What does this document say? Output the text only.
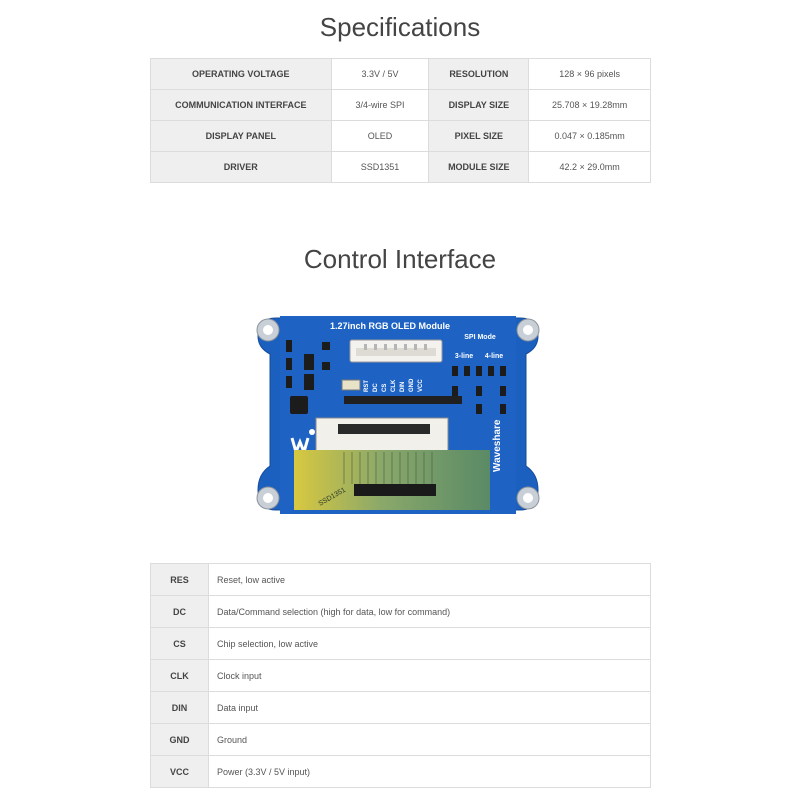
Specifications
OPERATING VOLTAGE	3.3V / 5V	RESOLUTION	128 × 96 pixels
COMMUNICATION INTERFACE	3/4-wire SPI	DISPLAY SIZE	25.708 × 19.28mm
DISPLAY PANEL	OLED	PIXEL SIZE	0.047 × 0.185mm
DRIVER	SSD1351	MODULE SIZE	42.2 × 29.0mm
Control Interface
1.27inch RGB OLED Module
SPI Mode
3-line 4-line
RST DC CS CLK DIN GND VCC
Waveshare
SSD1351
RES	Reset, low active
DC	Data/Command selection (high for data, low for command)
CS	Chip selection, low active
CLK	Clock input
DIN	Data input
GND	Ground
VCC	Power (3.3V / 5V input)
